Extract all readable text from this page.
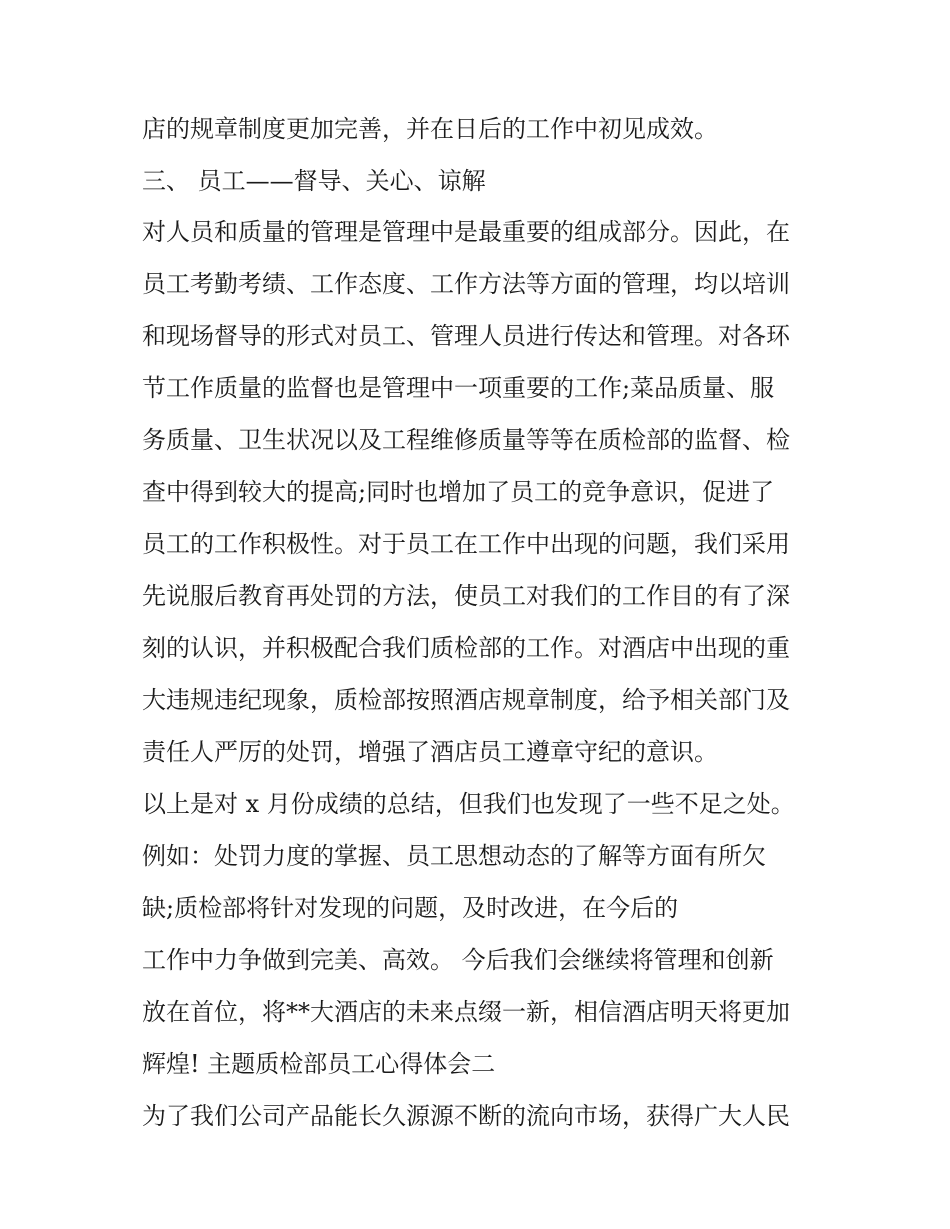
店的规章制度更加完善，并在日后的工作中初见成效。
三、 员工——督导、关心、谅解
对人员和质量的管理是管理中是最重要的组成部分。因此，在
员工考勤考绩、工作态度、工作方法等方面的管理，均以培训
和现场督导的形式对员工、管理人员进行传达和管理。对各环
节工作质量的监督也是管理中一项重要的工作;菜品质量、服
务质量、卫生状况以及工程维修质量等等在质检部的监督、检
查中得到较大的提高;同时也增加了员工的竞争意识，促进了
员工的工作积极性。对于员工在工作中出现的问题，我们采用
先说服后教育再处罚的方法，使员工对我们的工作目的有了深
刻的认识，并积极配合我们质检部的工作。对酒店中出现的重
大违规违纪现象，质检部按照酒店规章制度，给予相关部门及
责任人严厉的处罚，增强了酒店员工遵章守纪的意识。
以上是对 x 月份成绩的总结，但我们也发现了一些不足之处。
例如：处罚力度的掌握、员工思想动态的了解等方面有所欠
缺;质检部将针对发现的问题，及时改进，在今后的
工作中力争做到完美、高效。 今后我们会继续将管理和创新
放在首位，将**大酒店的未来点缀一新，相信酒店明天将更加
辉煌! 主题质检部员工心得体会二
为了我们公司产品能长久源源不断的流向市场，获得广大人民
